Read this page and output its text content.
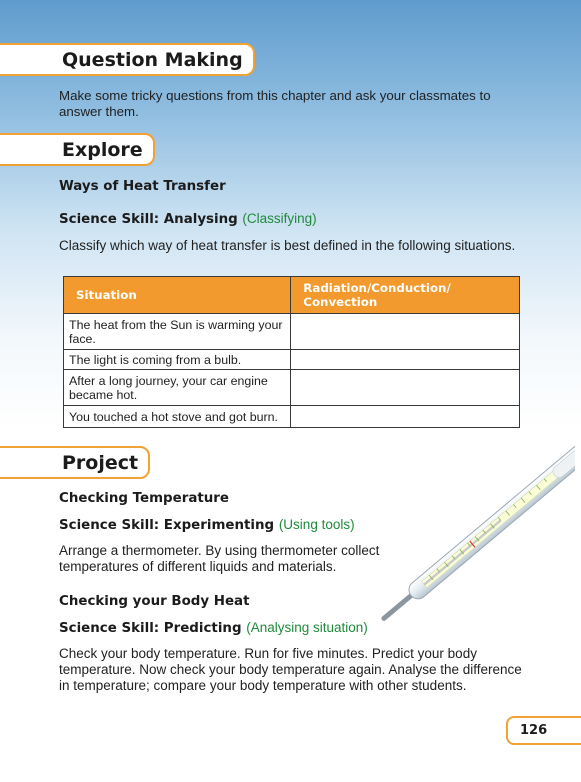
Question Making
Make some tricky questions from this chapter and ask your classmates to answer them.
Explore
Ways of Heat Transfer
Science Skill: Analysing (Classifying)
Classify which way of heat transfer is best defined in the following situations.
Situation	Radiation/Conduction/ Convection
The heat from the Sun is warming your face.	
The light is coming from a bulb.	
After a long journey, your car engine became hot.	
You touched a hot stove and got burn.	
Project
Checking Temperature
Science Skill: Experimenting (Using tools)
Arrange a thermometer. By using thermometer collect temperatures of different liquids and materials.
Checking your Body Heat
Science Skill: Predicting (Analysing situation)
Check your body temperature. Run for five minutes. Predict your body temperature. Now check your body temperature again. Analyse the difference in temperature; compare your body temperature with other students.
126
